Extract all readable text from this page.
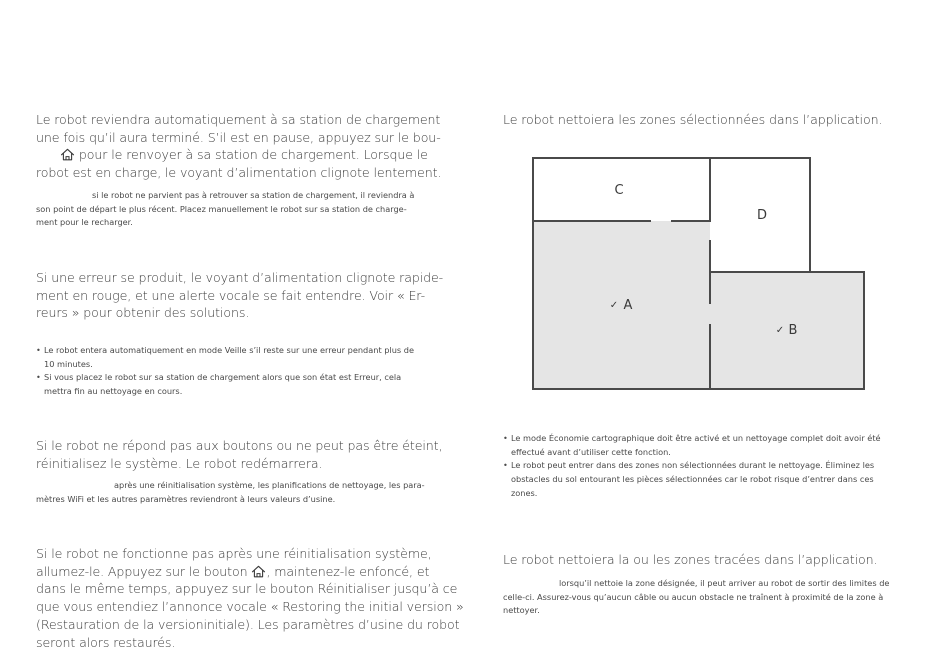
Le robot reviendra automatiquement à sa station de chargement
une fois qu’il aura terminé. S’il est en pause, appuyez sur le bou-
pour le renvoyer à sa station de chargement. Lorsque le
robot est en charge, le voyant d’alimentation clignote lentement.
si le robot ne parvient pas à retrouver sa station de chargement, il reviendra à
son point de départ le plus récent. Placez manuellement le robot sur sa station de charge-
ment pour le recharger.
Si une erreur se produit, le voyant d’alimentation clignote rapide-
ment en rouge, et une alerte vocale se fait entendre. Voir « Er-
reurs » pour obtenir des solutions.
• Le robot entera automatiquement en mode Veille s’il reste sur une erreur pendant plus de
10 minutes.
• Si vous placez le robot sur sa station de chargement alors que son état est Erreur, cela
mettra fin au nettoyage en cours.
Si le robot ne répond pas aux boutons ou ne peut pas être éteint,
réinitialisez le système. Le robot redémarrera.
après une réinitialisation système, les planifications de nettoyage, les para-
mètres WiFi et les autres paramètres reviendront à leurs valeurs d’usine.
Si le robot ne fonctionne pas après une réinitialisation système,
allumez-le. Appuyez sur le bouton , maintenez-le enfoncé, et
dans le même temps, appuyez sur le bouton Réinitialiser jusqu’à ce
que vous entendiez l’annonce vocale « Restoring the initial version »
(Restauration de la versioninitiale). Les paramètres d’usine du robot
seront alors restaurés.
Le robot nettoiera les zones sélectionnées dans l’application.
C
D
✓ A
✓ B
• Le mode Économie cartographique doit être activé et un nettoyage complet doit avoir été
effectué avant d’utiliser cette fonction.
• Le robot peut entrer dans des zones non sélectionnées durant le nettoyage. Éliminez les
obstacles du sol entourant les pièces sélectionnées car le robot risque d’entrer dans ces
zones.
Le robot nettoiera la ou les zones tracées dans l’application.
lorsqu’il nettoie la zone désignée, il peut arriver au robot de sortir des limites de
celle-ci. Assurez-vous qu’aucun câble ou aucun obstacle ne traînent à proximité de la zone à
nettoyer.
